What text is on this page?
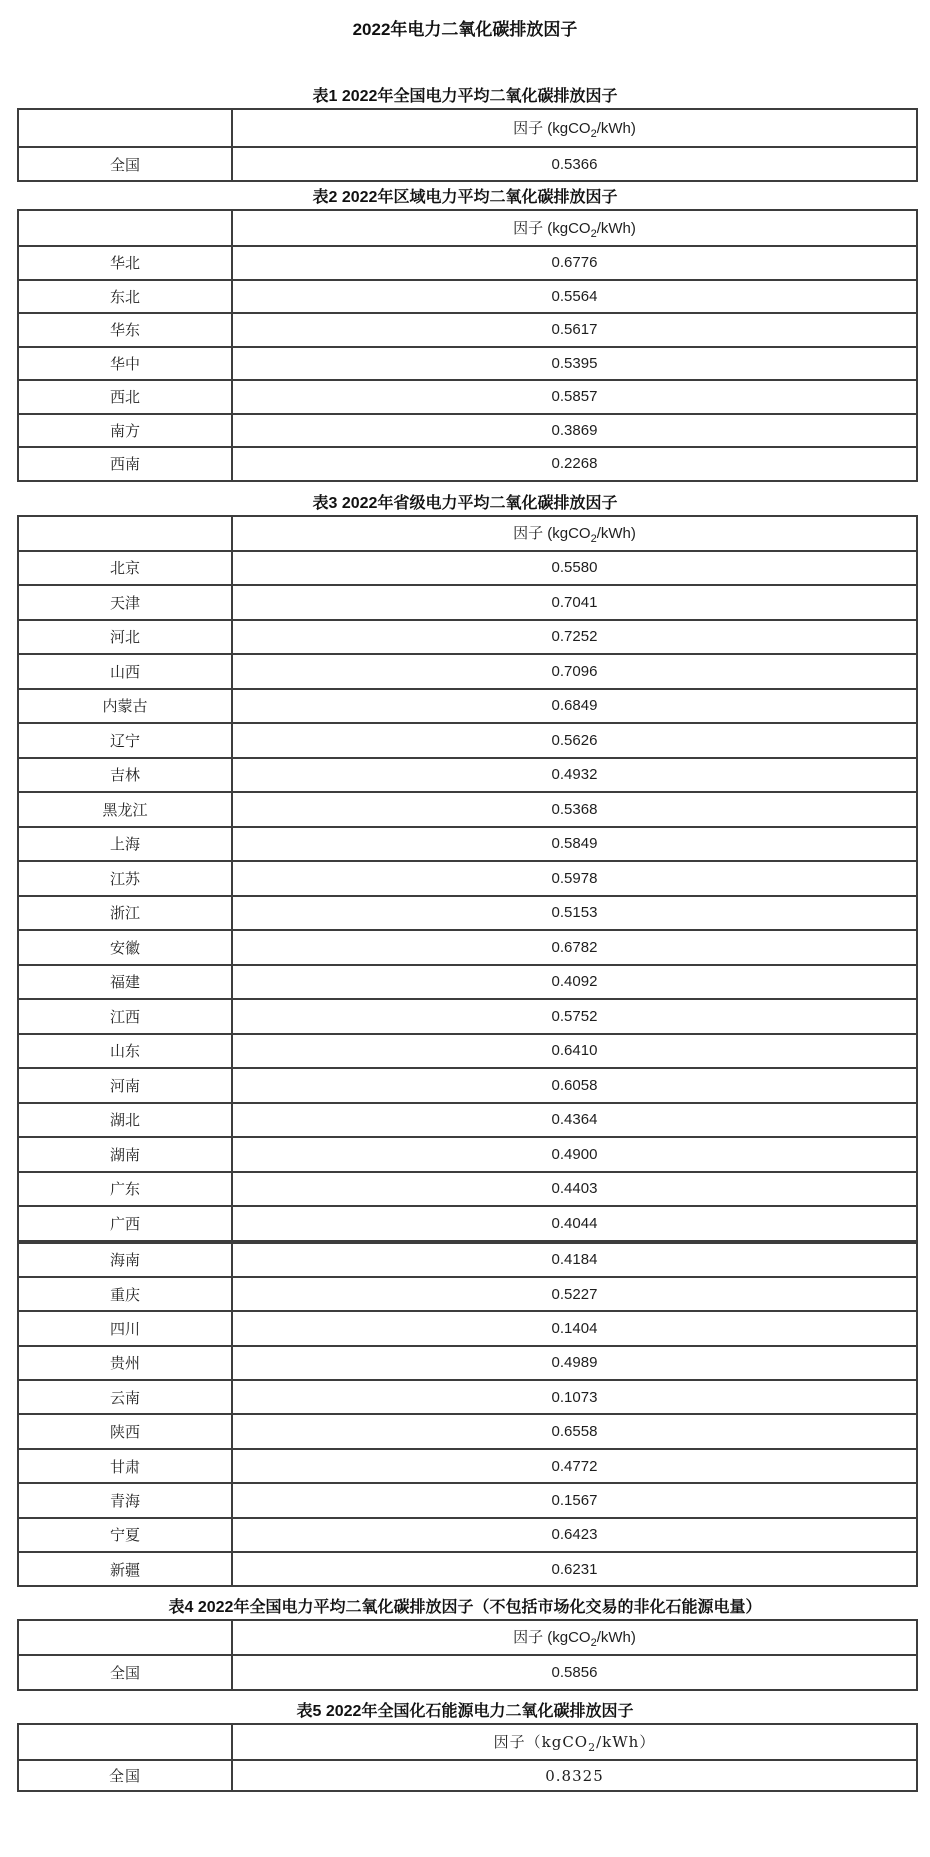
2022年电力二氧化碳排放因子

表1 2022年全国电力平均二氧化碳排放因子

	因子 (kgCO$_2$/kWh)
全国	0.5366

表2 2022年区域电力平均二氧化碳排放因子

	因子 (kgCO$_2$/kWh)
华北	0.6776
东北	0.5564
华东	0.5617
华中	0.5395
西北	0.5857
南方	0.3869
西南	0.2268

表3 2022年省级电力平均二氧化碳排放因子

	因子 (kgCO$_2$/kWh)
北京	0.5580
天津	0.7041
河北	0.7252
山西	0.7096
内蒙古	0.6849
辽宁	0.5626
吉林	0.4932
黑龙江	0.5368
上海	0.5849
江苏	0.5978
浙江	0.5153
安徽	0.6782
福建	0.4092
江西	0.5752
山东	0.6410
河南	0.6058
湖北	0.4364
湖南	0.4900
广东	0.4403
广西	0.4044
海南	0.4184
重庆	0.5227
四川	0.1404
贵州	0.4989
云南	0.1073
陕西	0.6558
甘肃	0.4772
青海	0.1567
宁夏	0.6423
新疆	0.6231

表4 2022年全国电力平均二氧化碳排放因子（不包括市场化交易的非化石能源电量）

	因子 (kgCO$_2$/kWh)
全国	0.5856

表5 2022年全国化石能源电力二氧化碳排放因子

	因子（kgCO$_2$/kWh）
全国	0.8325
